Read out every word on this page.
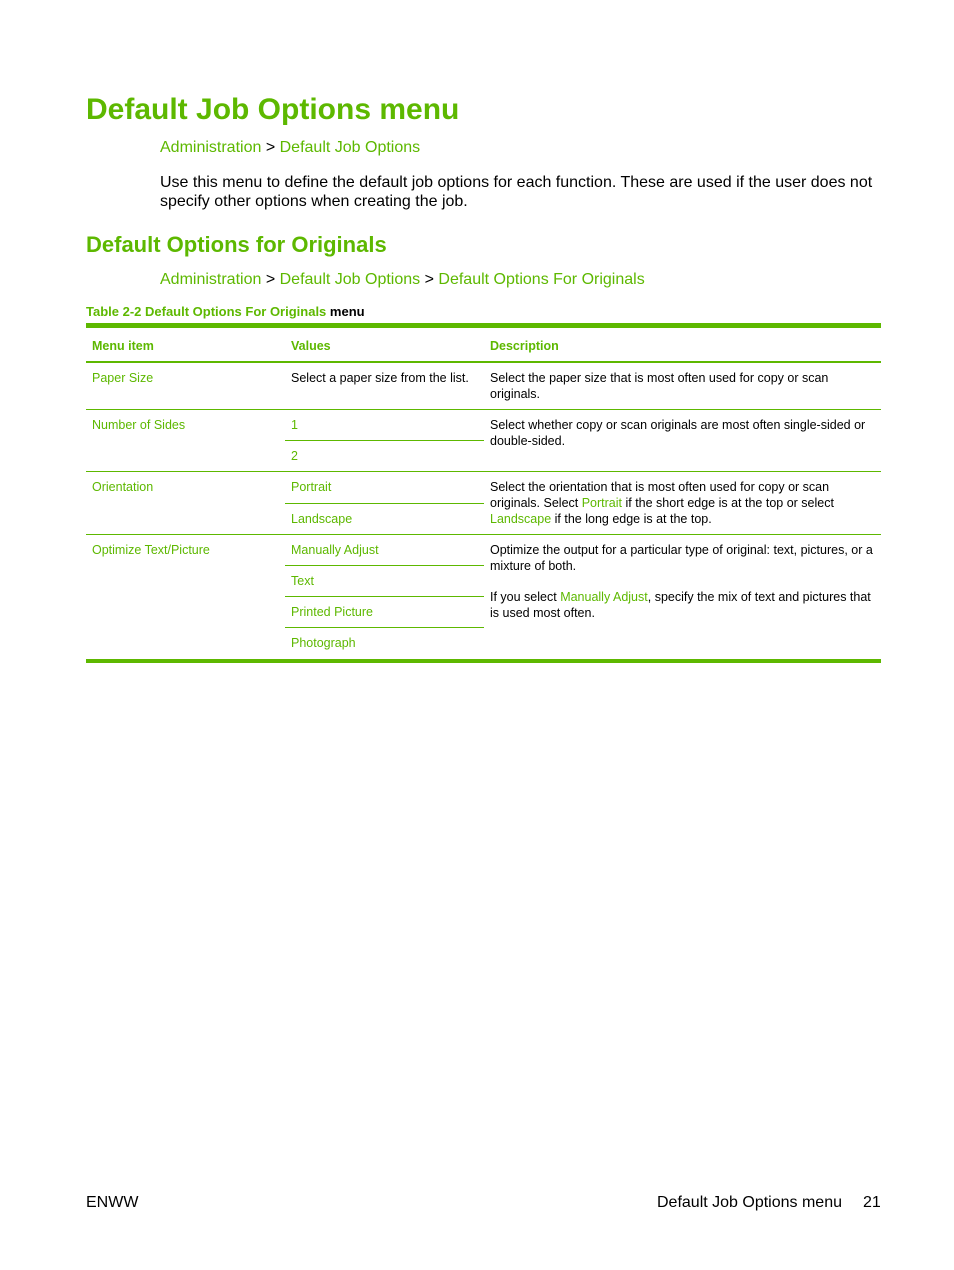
Default Job Options menu
Administration > Default Job Options

Use this menu to define the default job options for each function. These are used if the user does not specify other options when creating the job.

Default Options for Originals
Administration > Default Job Options > Default Options For Originals
Table 2-2 Default Options For Originals menu
Menu item	Values	Description
Paper Size	Select a paper size from the list.	Select the paper size that is most often used for copy or scan originals.
Number of Sides	1	Select whether copy or scan originals are most often single-sided or double-sided.
	2	
Orientation	Portrait	Select the orientation that is most often used for copy or scan originals. Select Portrait if the short edge is at the top or select Landscape if the long edge is at the top.
	Landscape	
Optimize Text/Picture	Manually Adjust	Optimize the output for a particular type of original: text, pictures, or a mixture of both.

If you select Manually Adjust, specify the mix of text and pictures that is used most often.

	Text	
	Printed Picture	
	Photograph	
ENWW	Default Job Options menu 21
